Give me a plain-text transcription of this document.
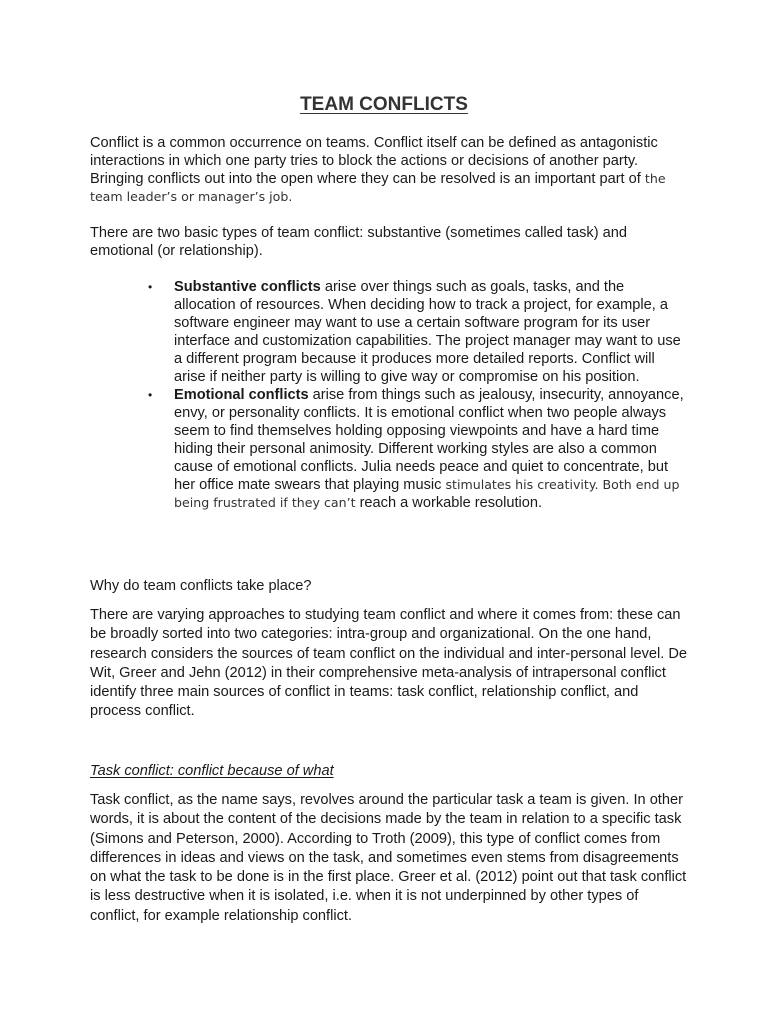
TEAM CONFLICTS

Conflict is a common occurrence on teams. Conflict itself can be defined as antagonistic interactions in which one party tries to block the actions or decisions of another party. Bringing conflicts out into the open where they can be resolved is an important part of the team leader’s or manager’s job.

There are two basic types of team conflict: substantive (sometimes called task) and emotional (or relationship).

• Substantive conflicts arise over things such as goals, tasks, and the allocation of resources. When deciding how to track a project, for example, a software engineer may want to use a certain software program for its user interface and customization capabilities. The project manager may want to use a different program because it produces more detailed reports. Conflict will arise if neither party is willing to give way or compromise on his position.
• Emotional conflicts arise from things such as jealousy, insecurity, annoyance, envy, or personality conflicts. It is emotional conflict when two people always seem to find themselves holding opposing viewpoints and have a hard time hiding their personal animosity. Different working styles are also a common cause of emotional conflicts. Julia needs peace and quiet to concentrate, but her office mate swears that playing music stimulates his creativity. Both end up being frustrated if they can’t reach a workable resolution.

Why do team conflicts take place?

There are varying approaches to studying team conflict and where it comes from: these can be broadly sorted into two categories: intra-group and organizational. On the one hand, research considers the sources of team conflict on the individual and inter-personal level. De Wit, Greer and Jehn (2012) in their comprehensive meta-analysis of intrapersonal conflict identify three main sources of conflict in teams: task conflict, relationship conflict, and process conflict.

Task conflict: conflict because of what

Task conflict, as the name says, revolves around the particular task a team is given. In other words, it is about the content of the decisions made by the team in relation to a specific task (Simons and Peterson, 2000). According to Troth (2009), this type of conflict comes from differences in ideas and views on the task, and sometimes even stems from disagreements on what the task to be done is in the first place. Greer et al. (2012) point out that task conflict is less destructive when it is isolated, i.e. when it is not underpinned by other types of conflict, for example relationship conflict.
